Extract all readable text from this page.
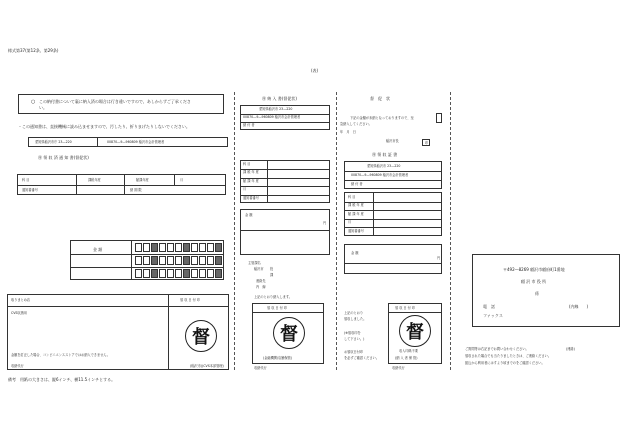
様式第37(第12条、第29条)
(表)
○ この納付書について裏に納入済の場合は行き違いですので、あしからずご了承くださ
い。
・この通知書は、直接機械に読み込ませますので、汚したり、折りまげたりしないでください。
愛知県稲沢市庁 23―220	00870―9―960809 稲沢市会計管理者
㊞ 領 収 済 通 知 書(督促状)
科 目	課税年度	賦課年度	月
通知書番号	納 期 限
金 額
取りまとめ店	領 収 日 付 印
CVS収納用
金額を訂正した場合、コンビニエンスストアではお納入できません。
収納代行	(稲沢市)(CVS本部管理)
督
備考　用紙の大きさは、縦6インチ、横11.5インチとする。
㊞ 納 入 書(督促状)
愛知県稲沢市 23―220
00870―9―960809 稲沢市会計管理者
納 付 者
科 目
課 税 年 度
賦 課 年 度
月
通知書番号
金 額
円
主管課名
稲沢市　　役
課
連絡先
内　線
上記のとおり納入します。
領 収 日 付 印
(金融機関/店舗保管)
督
収納代行
督　促　状
下記の金額が未納となっておりますので、至
急納入してください。
年　月　日
稲沢市長	印
㊞ 領 収 証 書
愛知県稲沢市 23―220
00870―9―960809 稲沢市会計管理者
納 付 者
科 目
課 税 年 度
賦 課 年 度
月
通知書番号
金 額
円
上記のとおり
領収しました。
(※領収印を
して下さい。)
お領収日付印
を必ずご確認ください。
領 収 日 付 印
収入印紙不要
(納 入 者 保 管)
督
収納代行
〒492―8269 稲沢市稲府町1番地
稲 沢 市 役 所
係
電　話	(内線　　)
ファックス
ご質問等は右記までお問い合わせください。	(連絡)
領収された場合でも当たりましたときは、ご連絡ください。
振込から利用者にはすより頃までのをご確認ください。
